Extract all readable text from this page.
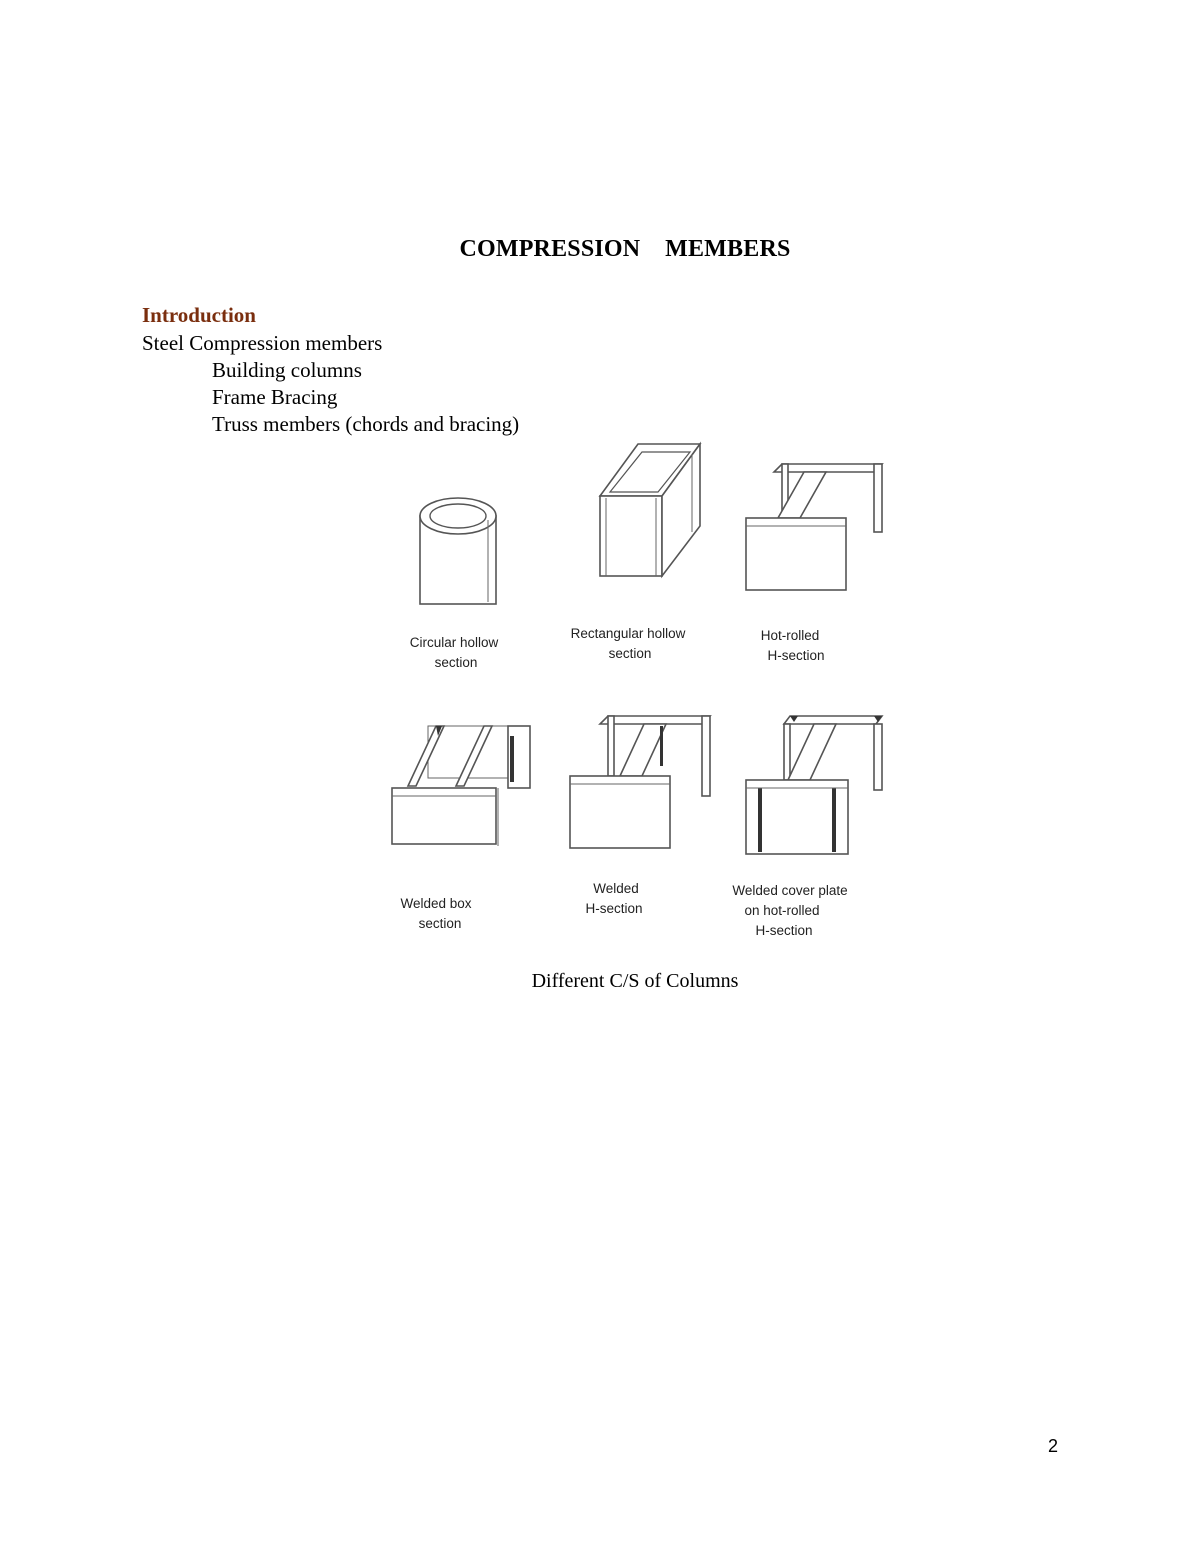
COMPRESSION    MEMBERS
Introduction
Steel Compression members
Building columns
Frame Bracing
Truss members (chords and bracing)
Circular hollow
section
Rectangular hollow
section
Hot-rolled
H-section
Welded box
section
Welded
H-section
Welded cover plate
on hot-rolled
H-section
Different C/S of Columns
2
